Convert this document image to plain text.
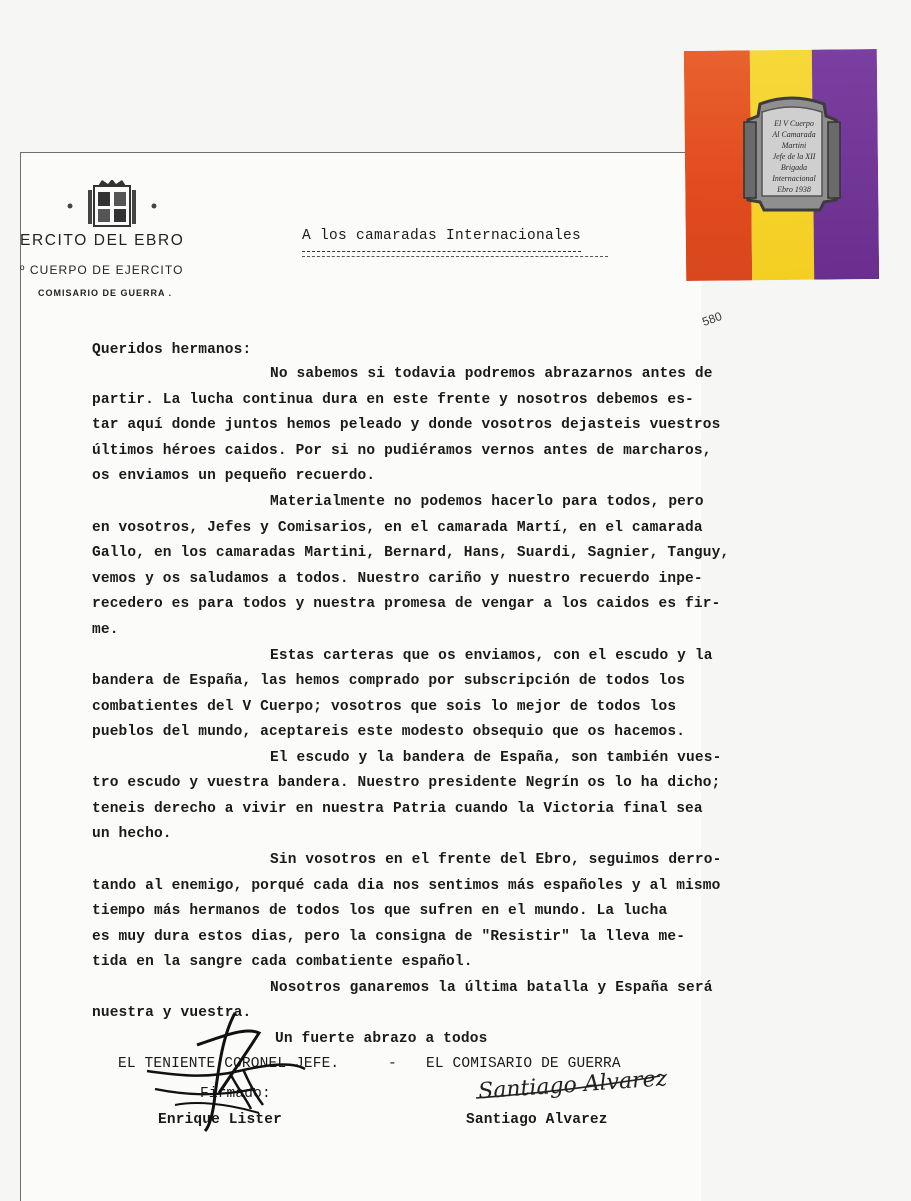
ERCITO DEL EBRO
º CUERPO DE EJERCITO
COMISARIO DE GUERRA .
A los camaradas Internacionales
El V Cuerpo
Al Camarada
Martini
Jefe de la XII
Brigada
Internacional
Ebro 1938
580
Queridos hermanos:
No sabemos si todavia podremos abrazarnos antes de
partir. La lucha continua dura en este frente y nosotros debemos es-
tar aquí donde juntos hemos peleado y donde vosotros dejasteis vuestros
últimos héroes caidos. Por si no pudiéramos vernos antes de marcharos,
os enviamos un pequeño recuerdo.
Materialmente no podemos hacerlo para todos, pero
en vosotros, Jefes y Comisarios, en el camarada Martí, en el camarada
Gallo, en los camaradas Martini, Bernard, Hans, Suardi, Sagnier, Tanguy,
vemos y os saludamos a todos. Nuestro cariño y nuestro recuerdo inpe-
recedero es para todos y nuestra promesa de vengar a los caidos es fir-
me.
Estas carteras que os enviamos, con el escudo y la
bandera de España, las hemos comprado por subscripción de todos los
combatientes del V Cuerpo; vosotros que sois lo mejor de todos los
pueblos del mundo, aceptareis este modesto obsequio que os hacemos.
El escudo y la bandera de España, son también vues-
tro escudo y vuestra bandera. Nuestro presidente Negrín os lo ha dicho;
teneis derecho a vivir en nuestra Patria cuando la Victoria final sea
un hecho.
Sin vosotros en el frente del Ebro, seguimos derro-
tando al enemigo, porqué cada dia nos sentimos más españoles y al mismo
tiempo más hermanos de todos los que sufren en el mundo. La lucha
es muy dura estos dias, pero la consigna de "Resistir" la lleva me-
tida en la sangre cada combatiente español.
Nosotros ganaremos la última batalla y España será
nuestra y vuestra.
Un fuerte abrazo a todos
EL TENIENTE CORONEL JEFE.	- EL COMISARIO DE GUERRA
Firmado:
Enrique Lister	Santiago Alvarez
Santiago Alvarez
